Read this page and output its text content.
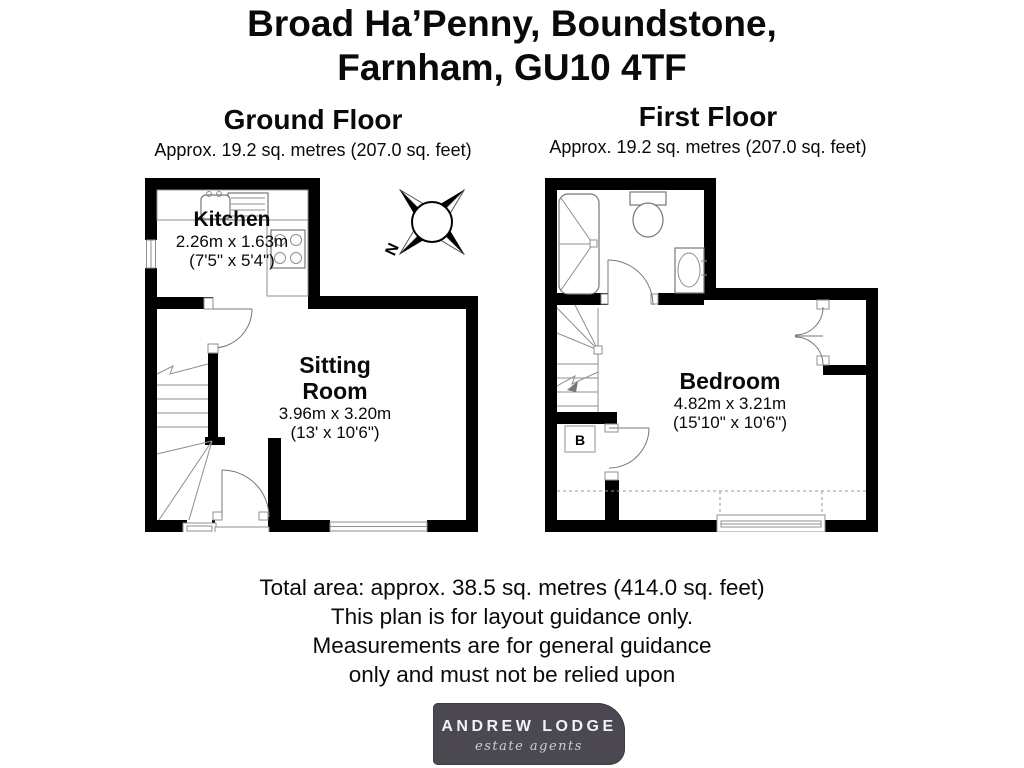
Broad Ha’Penny, Boundstone,
Farnham, GU10 4TF
Ground Floor
Approx. 19.2 sq. metres (207.0 sq. feet)
First Floor
Approx. 19.2 sq. metres (207.0 sq. feet)
N
B
Kitchen
2.26m x 1.63m
(7'5" x 5'4")
Sitting
Room
3.96m x 3.20m
(13' x 10'6")
Bedroom
4.82m x 3.21m
(15'10" x 10'6")
Total area: approx. 38.5 sq. metres (414.0 sq. feet)
This plan is for layout guidance only.
Measurements are for general guidance
only and must not be relied upon
ANDREW LODGE
estate agents
